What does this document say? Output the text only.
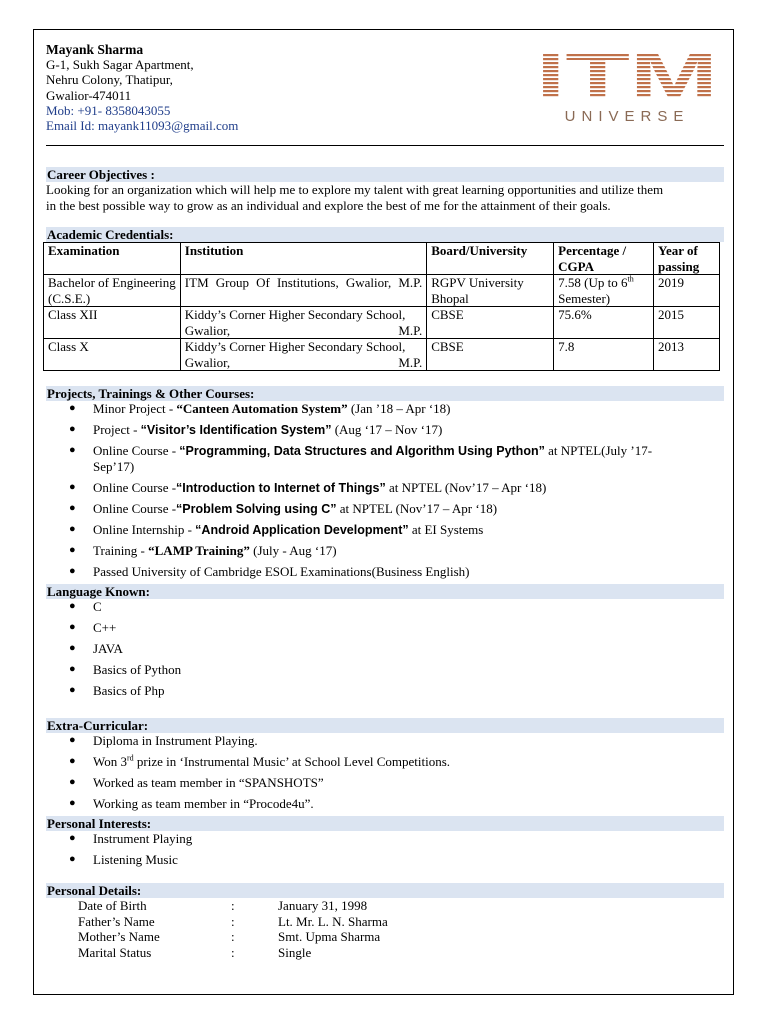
Mayank Sharma
G-1, Sukh Sagar Apartment,
Nehru Colony, Thatipur,
Gwalior-474011
Mob: +91- 8358043055
Email Id: mayank11093@gmail.com
ITM
UNIVERSE
Career Objectives :
Looking for an organization which will help me to explore my talent with great learning opportunities and utilize them
in the best possible way to grow as an individual and explore the best of me for the attainment of their goals.
Academic Credentials:
Examination	Institution	Board/University	Percentage / CGPA	Year of passing
Bachelor of Engineering (C.S.E.)	ITM Group Of Institutions, Gwalior, M.P.	RGPV University Bhopal	7.58 (Up to 6th Semester)	2019
Class XII	Kiddy’s Corner Higher Secondary School, Gwalior, M.P.	CBSE	75.6%	2015
Class X	Kiddy’s Corner Higher Secondary School, Gwalior, M.P.	CBSE	7.8	2013
Projects, Trainings & Other Courses:
● Minor Project - “Canteen Automation System” (Jan ’18 – Apr ‘18)
● Project - “Visitor’s Identification System” (Aug ‘17 – Nov ‘17)
● Online Course - “Programming, Data Structures and Algorithm Using Python” at NPTEL(July ’17-
Sep’17)
● Online Course -“Introduction to Internet of Things” at NPTEL (Nov’17 – Apr ‘18)
● Online Course -“Problem Solving using C” at NPTEL (Nov’17 – Apr ‘18)
● Online Internship - “Android Application Development” at EI Systems
● Training - “LAMP Training” (July - Aug ‘17)
● Passed University of Cambridge ESOL Examinations(Business English)
Language Known:
● C
● C++
● JAVA
● Basics of Python
● Basics of Php
Extra-Curricular:
● Diploma in Instrument Playing.
● Won 3rd prize in ‘Instrumental Music’ at School Level Competitions.
● Worked as team member in “SPANSHOTS”
● Working as team member in “Procode4u”.
Personal Interests:
● Instrument Playing
● Listening Music
Personal Details:
Date of Birth	:	January 31, 1998
Father’s Name	:	Lt. Mr. L. N. Sharma
Mother’s Name	:	Smt. Upma Sharma
Marital Status	:	Single
